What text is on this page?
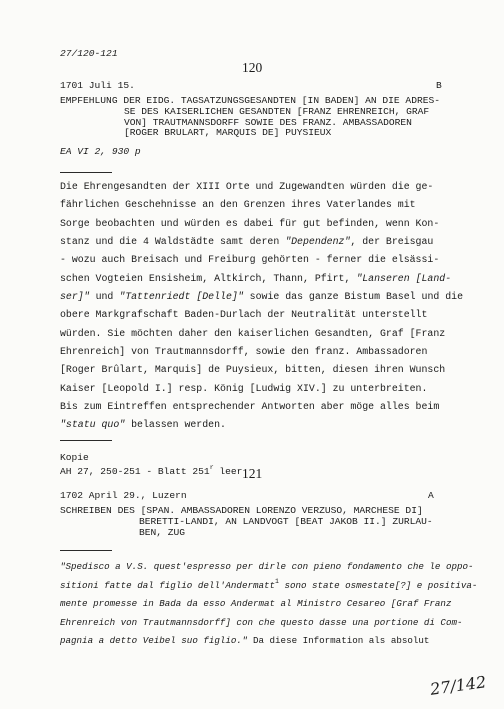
27/120-121
120
1701 Juli 15.	B
EMPFEHLUNG DER EIDG. TAGSATZUNGSGESANDTEN [IN BADEN] AN DIE ADRES-
SE DES KAISERLICHEN GESANDTEN [FRANZ EHRENREICH, GRAF
VON] TRAUTMANNSDORFF SOWIE DES FRANZ. AMBASSADOREN
[ROGER BRULART, MARQUIS DE] PUYSIEUX
EA VI 2, 930 p
Die Ehrengesandten der XIII Orte und Zugewandten würden die ge-
fährlichen Geschehnisse an den Grenzen ihres Vaterlandes mit
Sorge beobachten und würden es dabei für gut befinden, wenn Kon-
stanz und die 4 Waldstädte samt deren "Dependenz", der Breisgau
- wozu auch Breisach und Freiburg gehörten - ferner die elsässi-
schen Vogteien Ensisheim, Altkirch, Thann, Pfirt, "Lanseren [Land-
ser]" und "Tattenriedt [Delle]" sowie das ganze Bistum Basel und die
obere Markgrafschaft Baden-Durlach der Neutralität unterstellt
würden. Sie möchten daher den kaiserlichen Gesandten, Graf [Franz
Ehrenreich] von Trautmannsdorff, sowie den franz. Ambassadoren
[Roger Brûlart, Marquis] de Puysieux, bitten, diesen ihren Wunsch
Kaiser [Leopold I.] resp. König [Ludwig XIV.] zu unterbreiten.
Bis zum Eintreffen entsprechender Antworten aber möge alles beim
"statu quo" belassen werden.
Kopie
AH 27, 250-251 - Blatt 251$^r$ leer 121
1702 April 29., Luzern	A
SCHREIBEN DES [SPAN. AMBASSADOREN LORENZO VERZUSO, MARCHESE DI]
BERETTI-LANDI, AN LANDVOGT [BEAT JAKOB II.] ZURLAU-
BEN, ZUG
"Spedisco a V.S. quest'espresso per dirle con pieno fondamento che le oppo-
sitioni fatte dal figlio dell'Andermatt$^1$ sono state osmestate[?] e positiva-
mente promesse in Bada da esso Andermat al Ministro Cesareo [Graf Franz
Ehrenreich von Trautmannsdorff] con che questo dasse una portione di Com-
pagnia a detto Veibel suo figlio." Da diese Information als absolut
27/142
